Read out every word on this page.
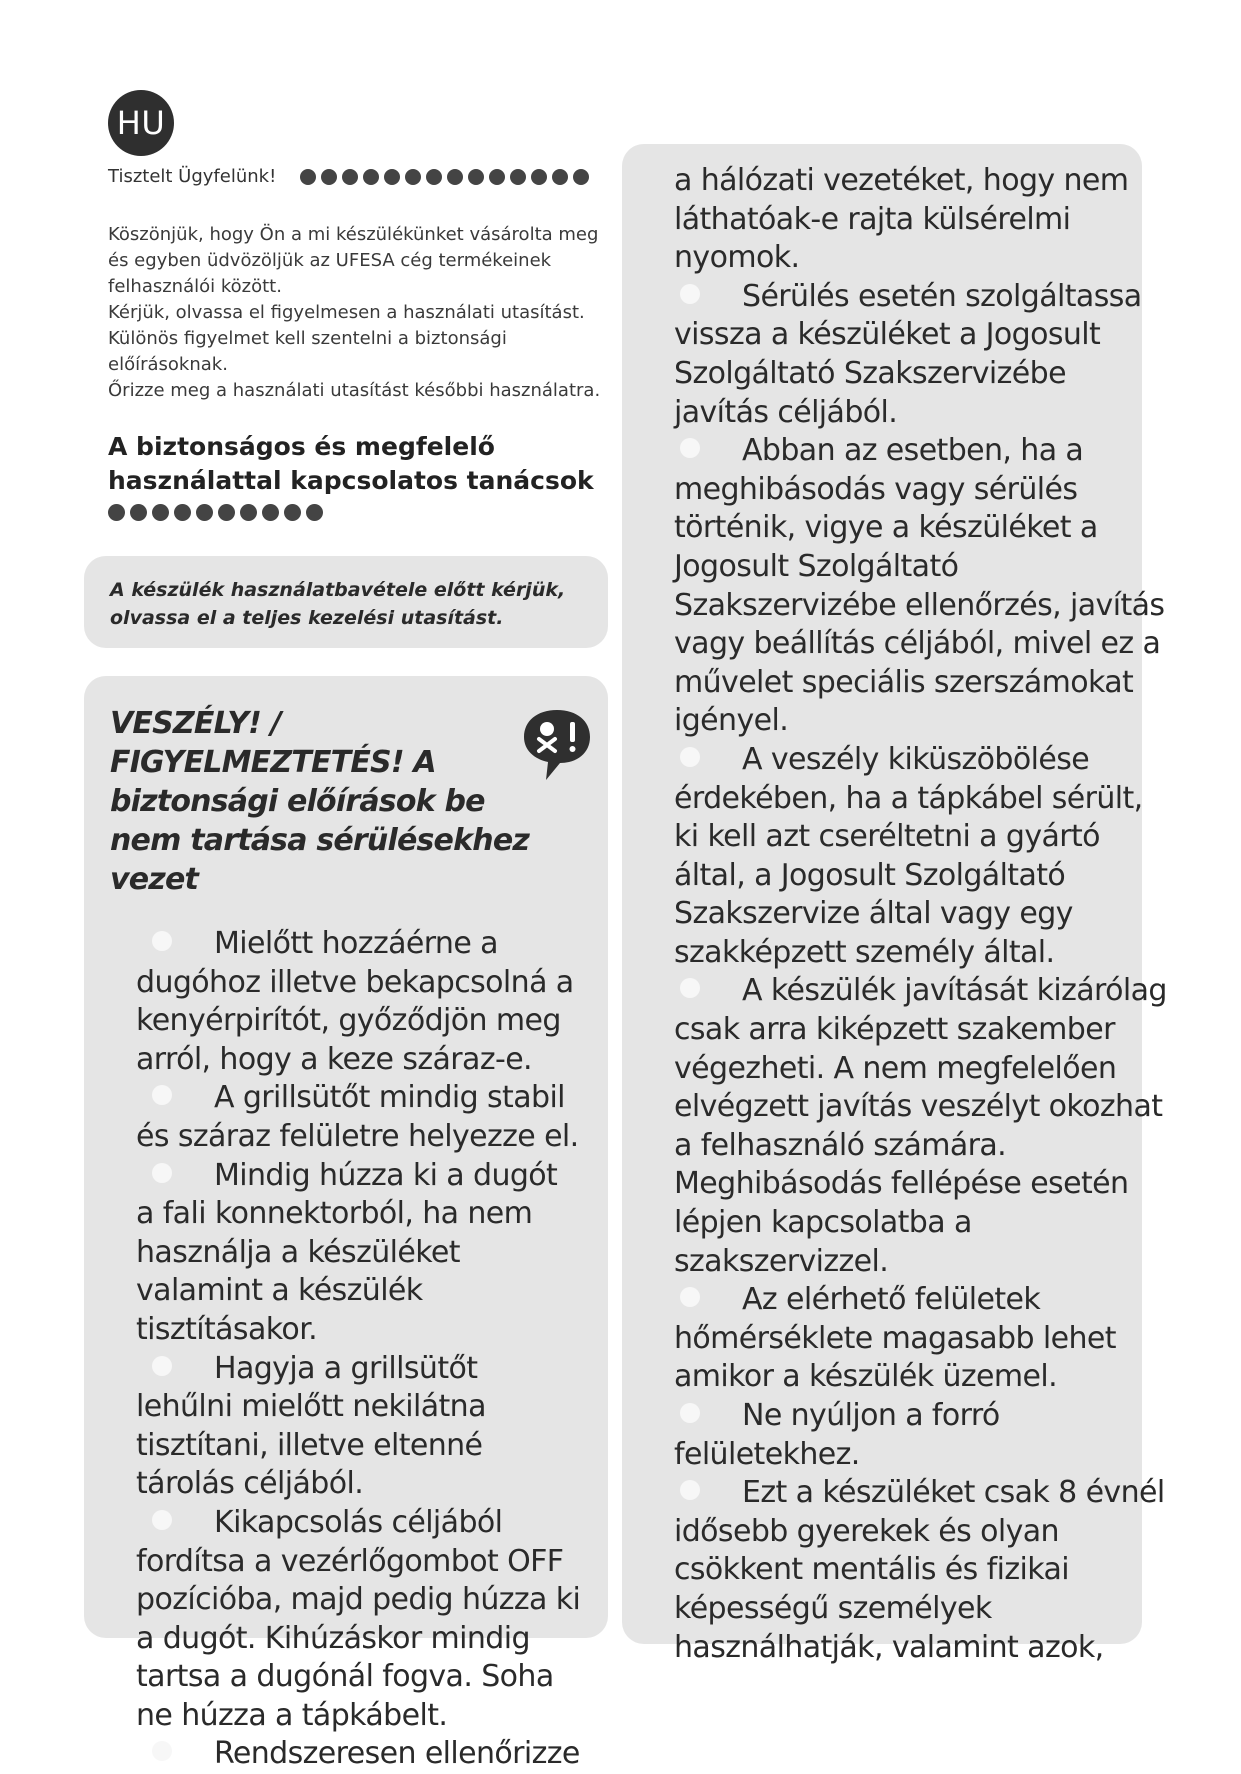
HU
Tisztelt Ügyfelünk!

Köszönjük, hogy Ön a mi készülékünket vásárolta meg és egyben üdvözöljük az UFESA cég termékeinek felhasználói között.

Kérjük, olvassa el figyelmesen a használati utasítást.

Különös figyelmet kell szentelni a biztonsági előírásoknak.

Őrizze meg a használati utasítást későbbi használatra.

A biztonságos és megfelelő használattal kapcsolatos tanácsok
A készülék használatbavétele előtt kérjük, olvassa el a teljes kezelési utasítást.
VESZÉLY! / FIGYELMEZTETÉS! A biztonsági előírások be nem tartása sérülésekhez vezet
Mielőtt hozzáérne a dugóhoz illetve bekapcsolná a kenyérpirítót, győződjön meg arról, hogy a keze száraz-e.
A grillsütőt mindig stabil és száraz felületre helyezze el.
Mindig húzza ki a dugót a fali konnektorból, ha nem használja a készüléket valamint a készülék tisztításakor.
Hagyja a grillsütőt lehűlni mielőtt nekilátna tisztítani, illetve eltenné tárolás céljából.
Kikapcsolás céljából fordítsa a vezérlőgombot OFF pozícióba, majd pedig húzza ki a dugót. Kihúzáskor mindig tartsa a dugónál fogva. Soha ne húzza a tápkábelt.
Rendszeresen ellenőrizze
a hálózati vezetéket, hogy nem láthatóak-e rajta külsérelmi nyomok.
Sérülés esetén szolgáltassa vissza a készüléket a Jogosult Szolgáltató Szakszervizébe javítás céljából.
Abban az esetben, ha a meghibásodás vagy sérülés történik, vigye a készüléket a Jogosult Szolgáltató Szakszervizébe ellenőrzés, javítás vagy beállítás céljából, mivel ez a művelet speciális szerszámokat igényel.
A veszély kiküszöbölése érdekében, ha a tápkábel sérült, ki kell azt cseréltetni a gyártó által, a Jogosult Szolgáltató Szakszervize által vagy egy szakképzett személy által.
A készülék javítását kizárólag csak arra kiképzett szakember végezheti. A nem megfelelően elvégzett javítás veszélyt okozhat a felhasználó számára. Meghibásodás fellépése esetén lépjen kapcsolatba a szakszervizzel.
Az elérhető felületek hőmérséklete magasabb lehet amikor a készülék üzemel.
Ne nyúljon a forró felületekhez.
Ezt a készüléket csak 8 évnél idősebb gyerekek és olyan csökkent mentális és fizikai képességű személyek használhatják, valamint azok,
